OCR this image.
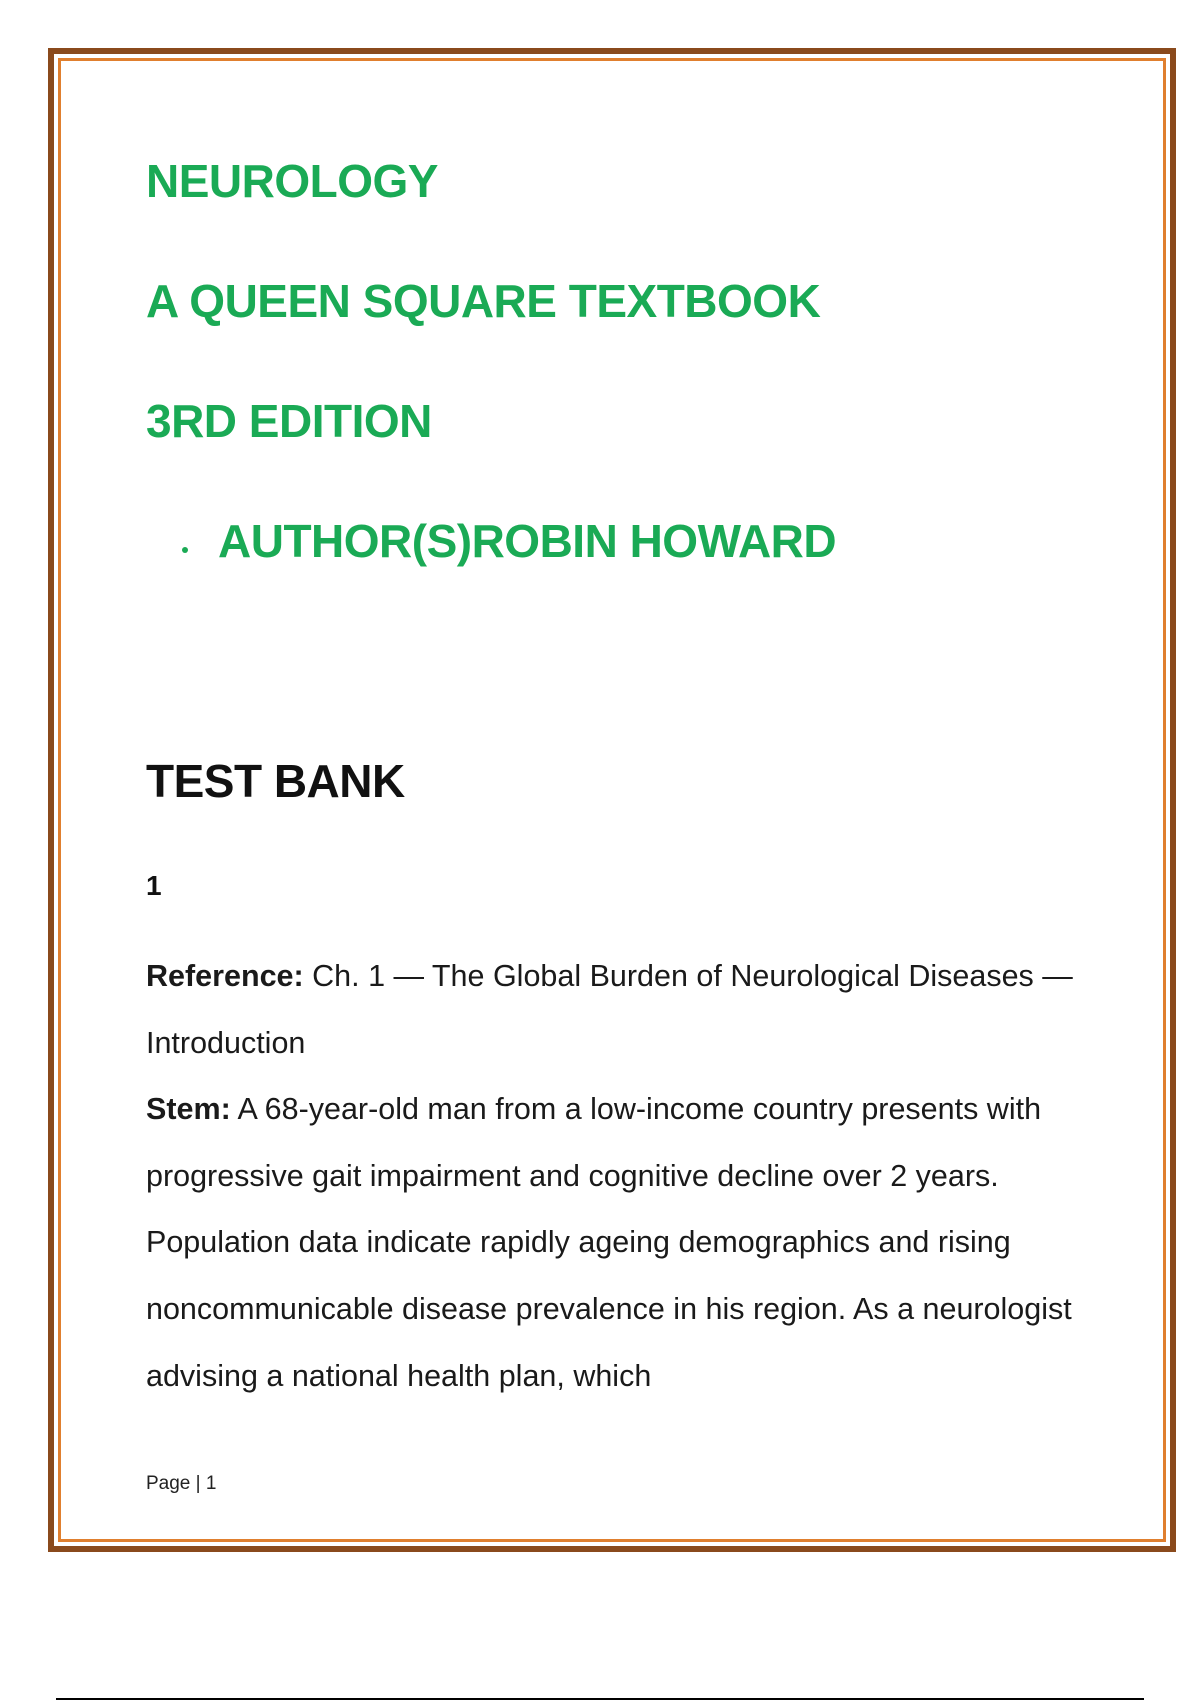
NEUROLOGY
A QUEEN SQUARE TEXTBOOK
3RD EDITION
AUTHOR(S)ROBIN HOWARD
TEST BANK
1

Reference: Ch. 1 — The Global Burden of Neurological Diseases — Introduction

Stem: A 68-year-old man from a low-income country presents with progressive gait impairment and cognitive decline over 2 years. Population data indicate rapidly ageing demographics and rising noncommunicable disease prevalence in his region. As a neurologist advising a national health plan, which

Page | 1
